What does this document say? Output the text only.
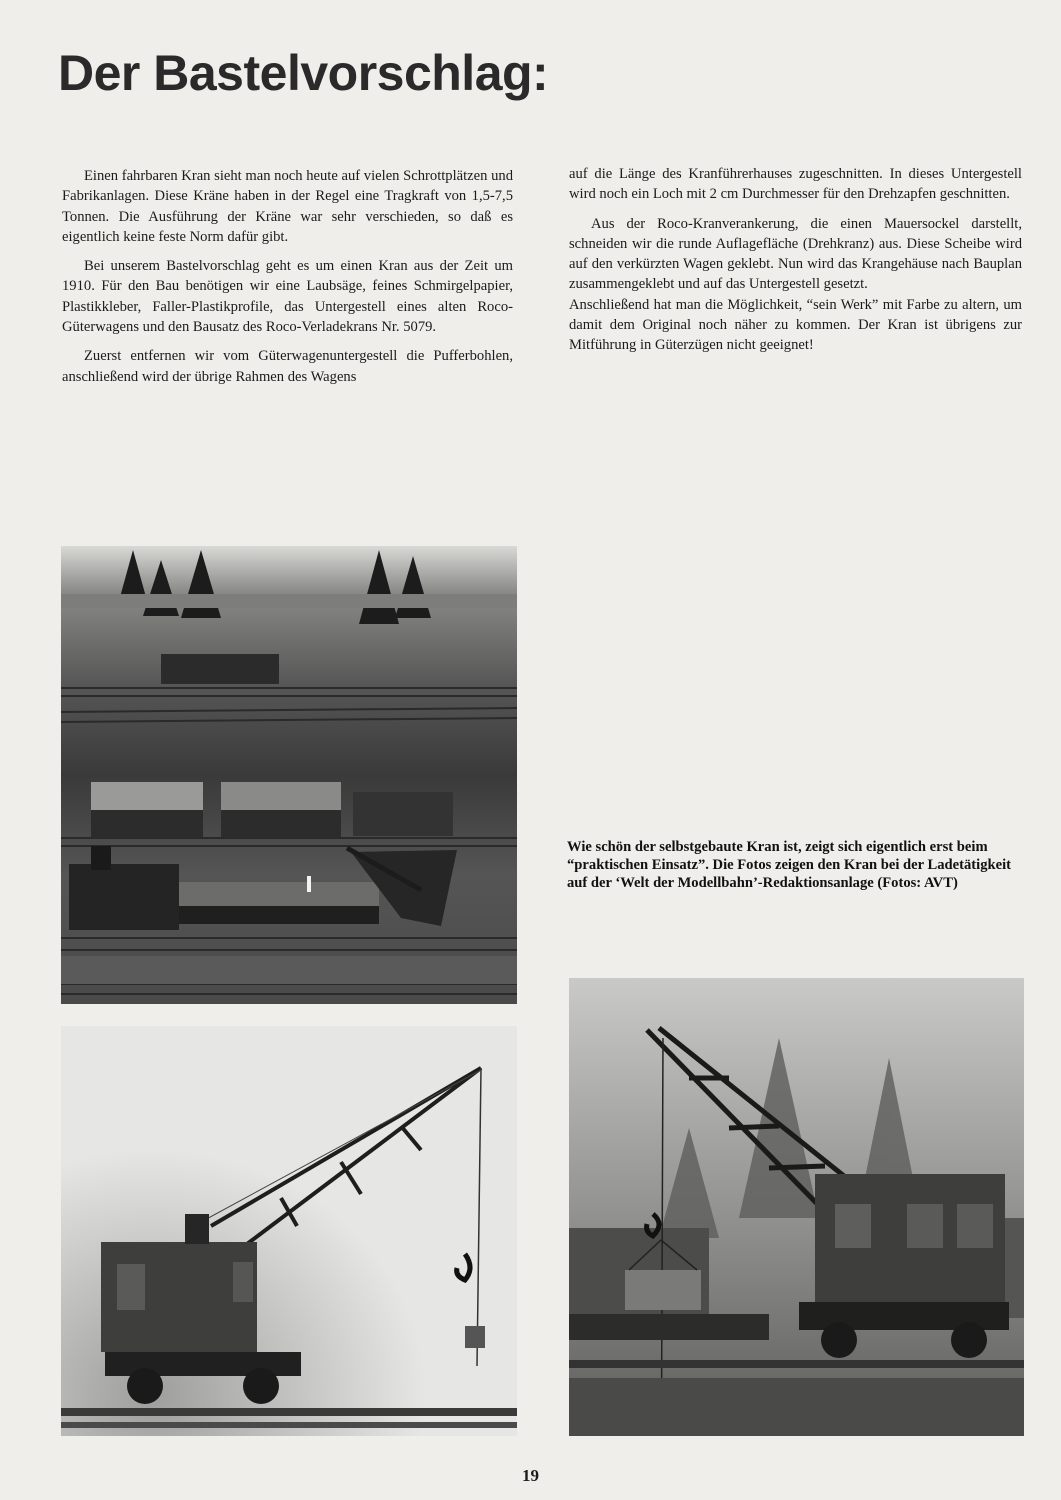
Der Bastelvorschlag:

Einen fahrbaren Kran sieht man noch heute auf vielen Schrottplätzen und Fabrikanlagen. Diese Kräne haben in der Regel eine Tragkraft von 1,5-7,5 Tonnen. Die Ausführung der Kräne war sehr verschieden, so daß es eigentlich keine feste Norm dafür gibt.

Bei unserem Bastelvorschlag geht es um einen Kran aus der Zeit um 1910. Für den Bau benötigen wir eine Laubsäge, feines Schmirgelpapier, Plastikkleber, Faller-Plastikprofile, das Untergestell eines alten Roco-Güterwagens und den Bausatz des Roco-Verladekrans Nr. 5079.

Zuerst entfernen wir vom Güterwagenuntergestell die Pufferbohlen, anschließend wird der übrige Rahmen des Wagens

auf die Länge des Kranführerhauses zugeschnitten. In dieses Untergestell wird noch ein Loch mit 2 cm Durchmesser für den Drehzapfen geschnitten.

Aus der Roco-Kranverankerung, die einen Mauersockel darstellt, schneiden wir die runde Auflagefläche (Drehkranz) aus. Diese Scheibe wird auf den verkürzten Wagen geklebt. Nun wird das Krangehäuse nach Bauplan zusammengeklebt und auf das Untergestell gesetzt.

Anschließend hat man die Möglichkeit, “sein Werk” mit Farbe zu altern, um damit dem Original noch näher zu kommen. Der Kran ist übrigens zur Mitführung in Güterzügen nicht geeignet!

Wie schön der selbstgebaute Kran ist, zeigt sich eigentlich erst beim “praktischen Einsatz”. Die Fotos zeigen den Kran bei der Ladetätigkeit auf der ‘Welt der Modellbahn’-Redaktionsanlage (Fotos: AVT)
19
